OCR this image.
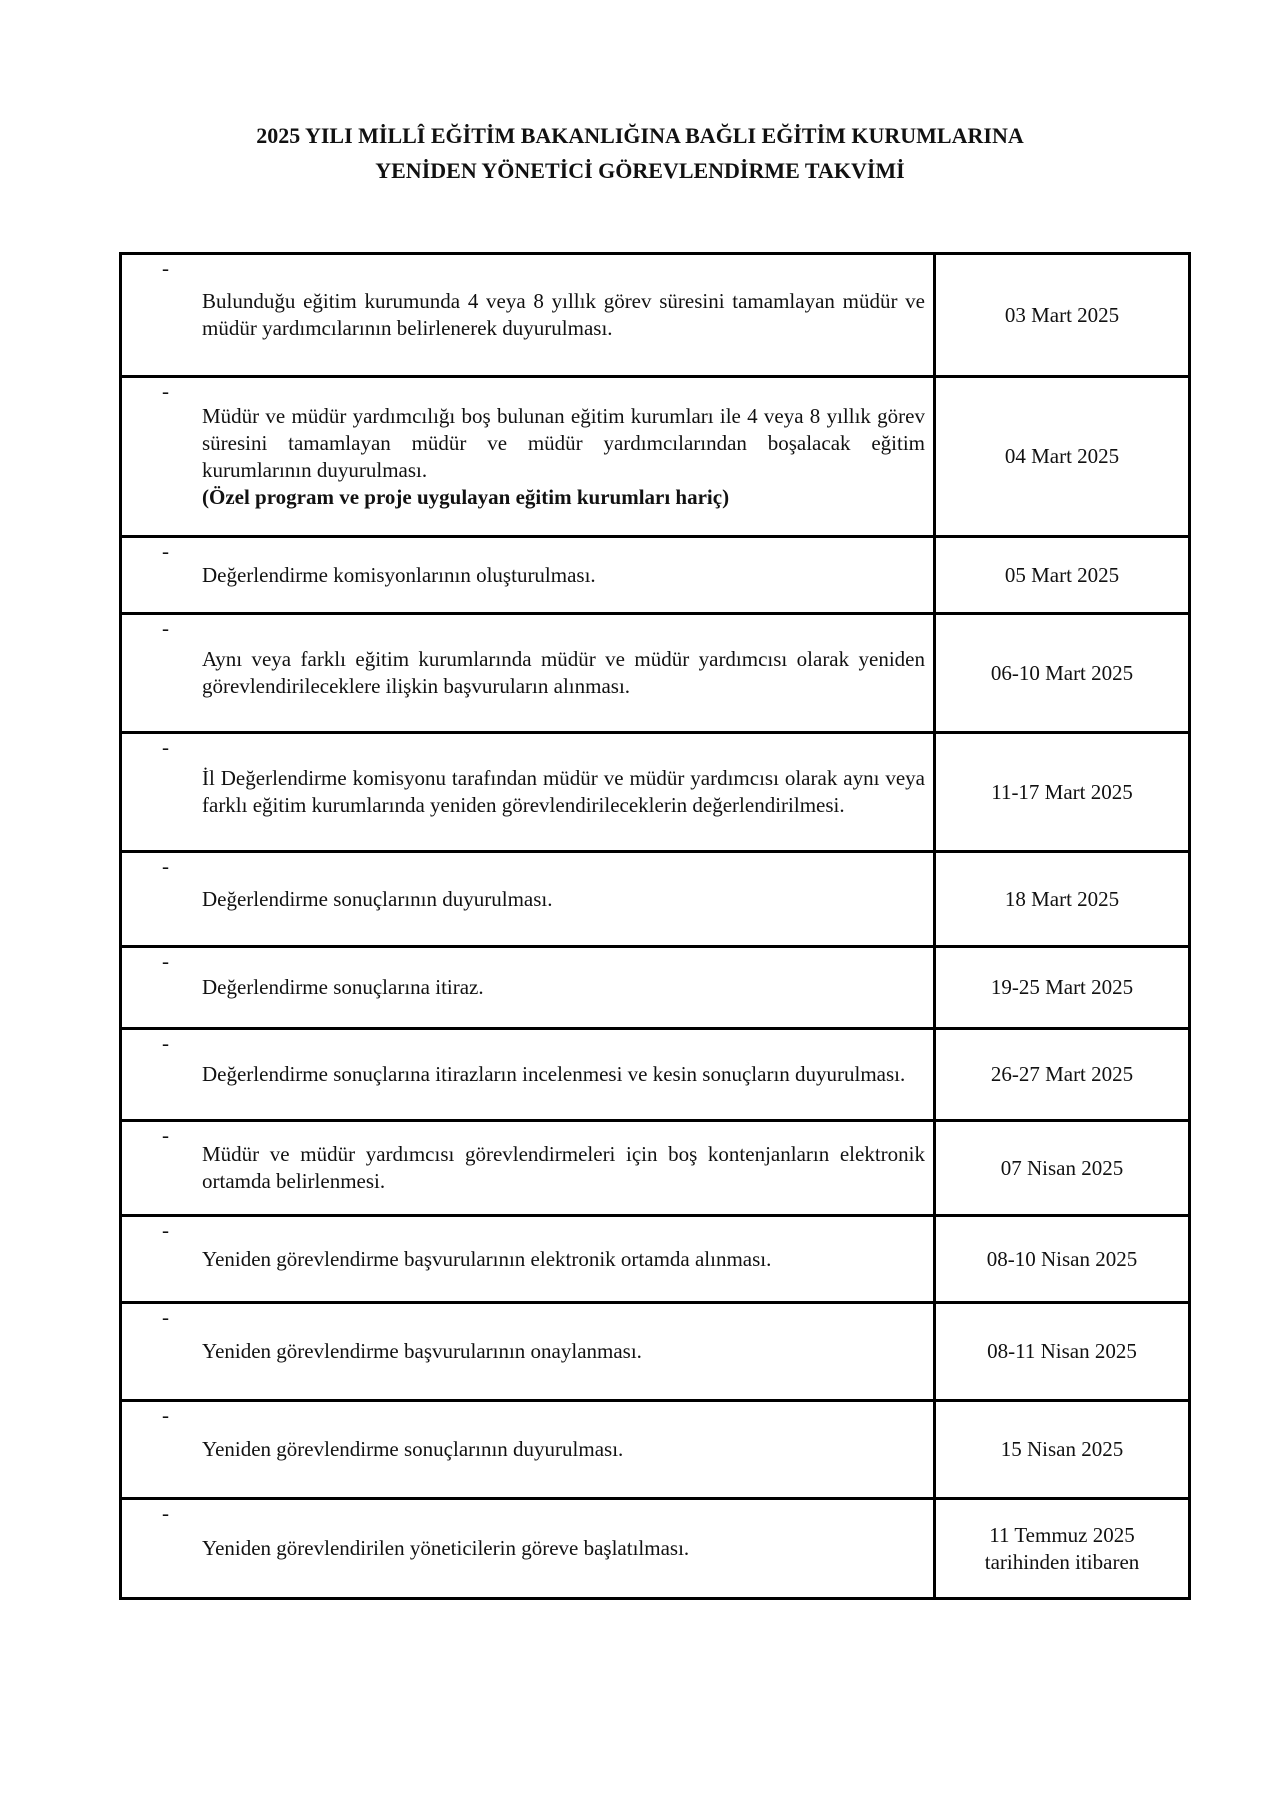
2025 YILI MİLLÎ EĞİTİM BAKANLIĞINA BAĞLI EĞİTİM KURUMLARINA
YENİDEN YÖNETİCİ GÖREVLENDİRME TAKVİMİ
-
Bulunduğu eğitim kurumunda 4 veya 8 yıllık görev süresini tamamlayan müdür ve müdür yardımcılarının belirlenerek duyurulması.
03 Mart 2025
-
Müdür ve müdür yardımcılığı boş bulunan eğitim kurumları ile 4 veya 8 yıllık görev süresini tamamlayan müdür ve müdür yardımcılarından boşalacak eğitim kurumlarının duyurulması.
(Özel program ve proje uygulayan eğitim kurumları hariç)
04 Mart 2025
-
Değerlendirme komisyonlarının oluşturulması.	05 Mart 2025
-
Aynı veya farklı eğitim kurumlarında müdür ve müdür yardımcısı olarak yeniden görevlendirileceklere ilişkin başvuruların alınması.
06-10 Mart 2025
-
İl Değerlendirme komisyonu tarafından müdür ve müdür yardımcısı olarak aynı veya farklı eğitim kurumlarında yeniden görevlendirileceklerin değerlendirilmesi.
11-17 Mart 2025
-
Değerlendirme sonuçlarının duyurulması.	18 Mart 2025
-
Değerlendirme sonuçlarına itiraz.	19-25 Mart 2025
-
Değerlendirme sonuçlarına itirazların incelenmesi ve kesin sonuçların duyurulması.	26-27 Mart 2025
-
Müdür ve müdür yardımcısı görevlendirmeleri için boş kontenjanların elektronik ortamda belirlenmesi.
07 Nisan 2025
-
Yeniden görevlendirme başvurularının elektronik ortamda alınması.	08-10 Nisan 2025
-
Yeniden görevlendirme başvurularının onaylanması.	08-11 Nisan 2025
-
Yeniden görevlendirme sonuçlarının duyurulması.	15 Nisan 2025
-
Yeniden görevlendirilen yöneticilerin göreve başlatılması.
11 Temmuz 2025
tarihinden itibaren
